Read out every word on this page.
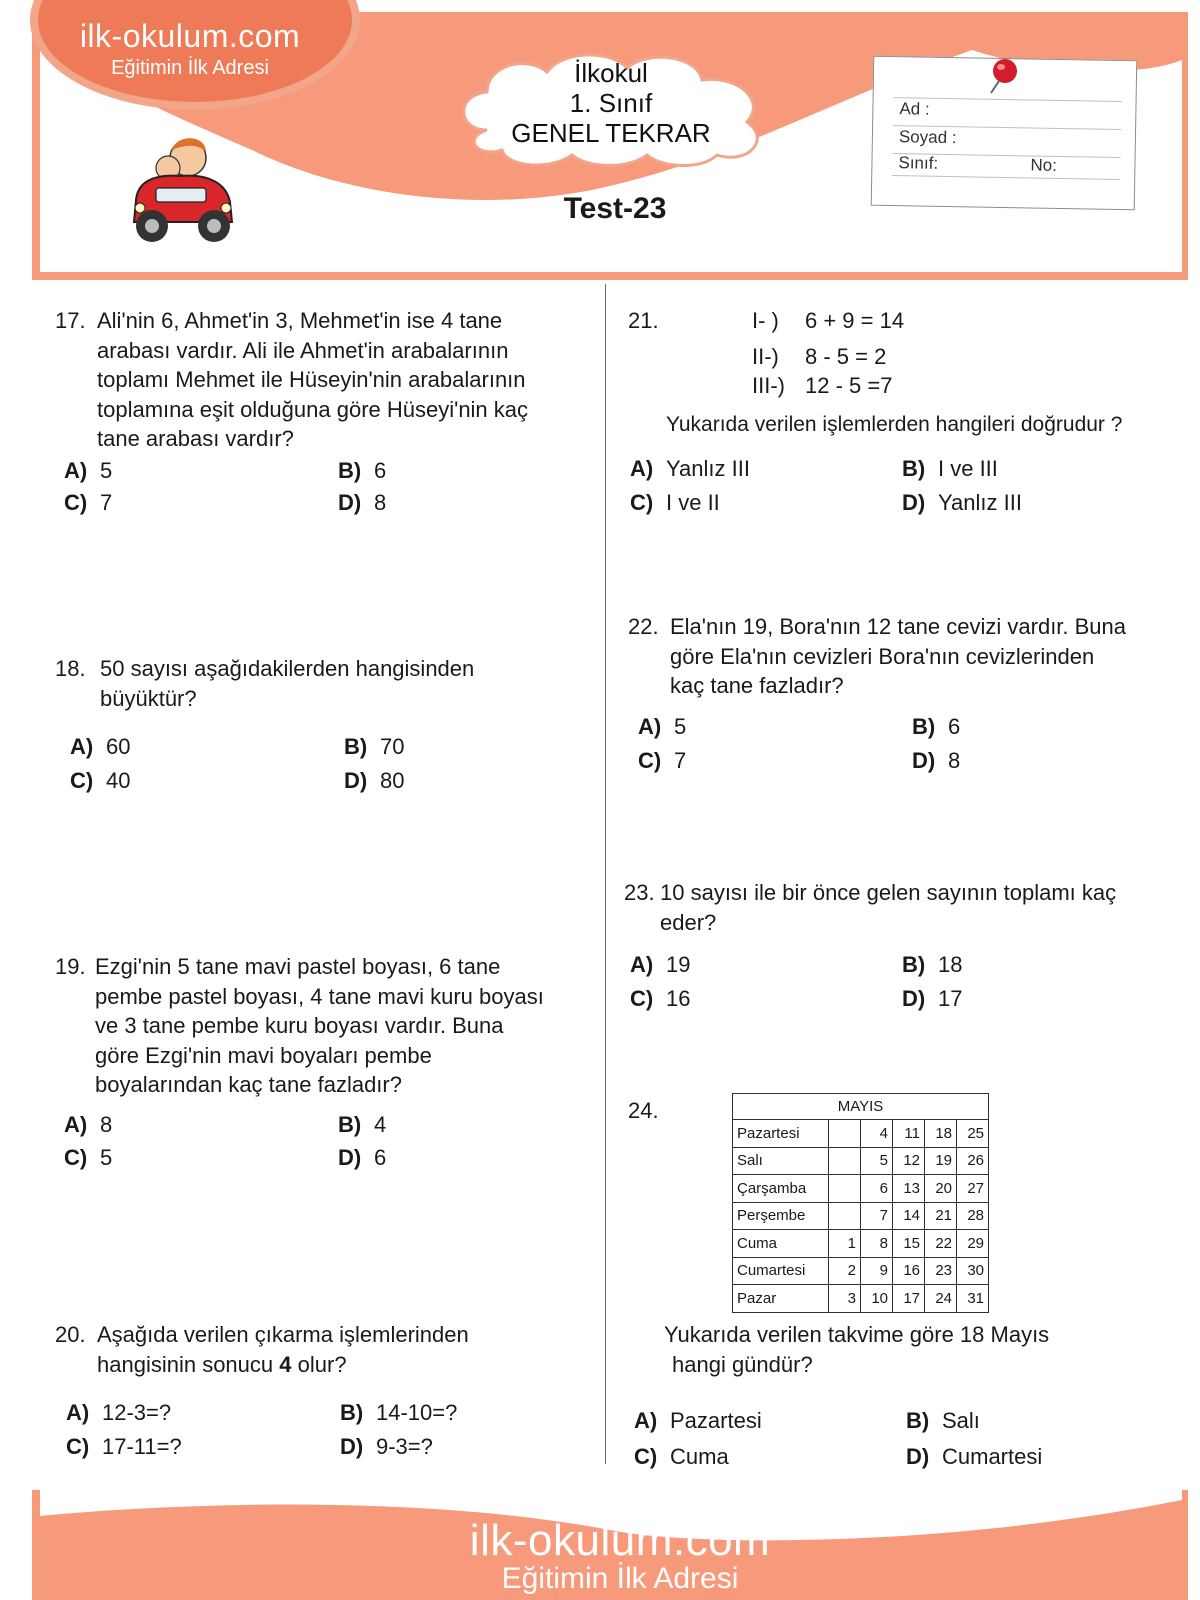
ilk-okulum.com
Eğitimin İlk Adresi	İlkokul
1. Sınıf
GENEL TEKRAR
Test-23
Ad :
Soyad :
Sınıf:	No:
17. Ali'nin 6, Ahmet'in 3, Mehmet'in ise 4 tane
arabası vardır. Ali ile Ahmet'in arabalarının
toplamı Mehmet ile Hüseyin'nin arabalarının
toplamına eşit olduğuna göre Hüseyi'nin kaç
tane arabası vardır?
A) 5	B) 6
C) 7	D) 8
18. 50 sayısı aşağıdakilerden hangisinden
büyüktür?
A) 60	B) 70
C) 40	D) 80
19. Ezgi'nin 5 tane mavi pastel boyası, 6 tane
pembe pastel boyası, 4 tane mavi kuru boyası
ve 3 tane pembe kuru boyası vardır. Buna
göre Ezgi'nin mavi boyaları pembe
boyalarından kaç tane fazladır?
A) 8	B) 4
C) 5	D) 6
20. Aşağıda verilen çıkarma işlemlerinden
hangisinin sonucu 4 olur?
A) 12-3=?	B) 14-10=?
C) 17-11=?	D) 9-3=?
21.	I- ) 6 + 9 = 14
II-) 8 - 5 = 2
III-) 12 - 5 =7
Yukarıda verilen işlemlerden hangileri doğrudur ?
A) Yanlız III	B) I ve III
C) I ve II	D) Yanlız III
22. Ela'nın 19, Bora'nın 12 tane cevizi vardır. Buna
göre Ela'nın cevizleri Bora'nın cevizlerinden
kaç tane fazladır?
A) 5	B) 6
C) 7	D) 8
23. 10 sayısı ile bir önce gelen sayının toplamı kaç
eder?
A) 19	B) 18
C) 16	D) 17
24.	MAYIS					
Pazartesi		4	11	18	25
Salı		5	12	19	26
Çarşamba		6	13	20	27
Perşembe		7	14	21	28
Cuma	1	8	15	22	29
Cumartesi	2	9	16	23	30
Pazar	3	10	17	24	31
Yukarıda verilen takvime göre 18 Mayıs
hangi gündür?
A) Pazartesi	B) Salı
C) Cuma	D) Cumartesi
ilk-okulum.com
Eğitimin İlk Adresi
